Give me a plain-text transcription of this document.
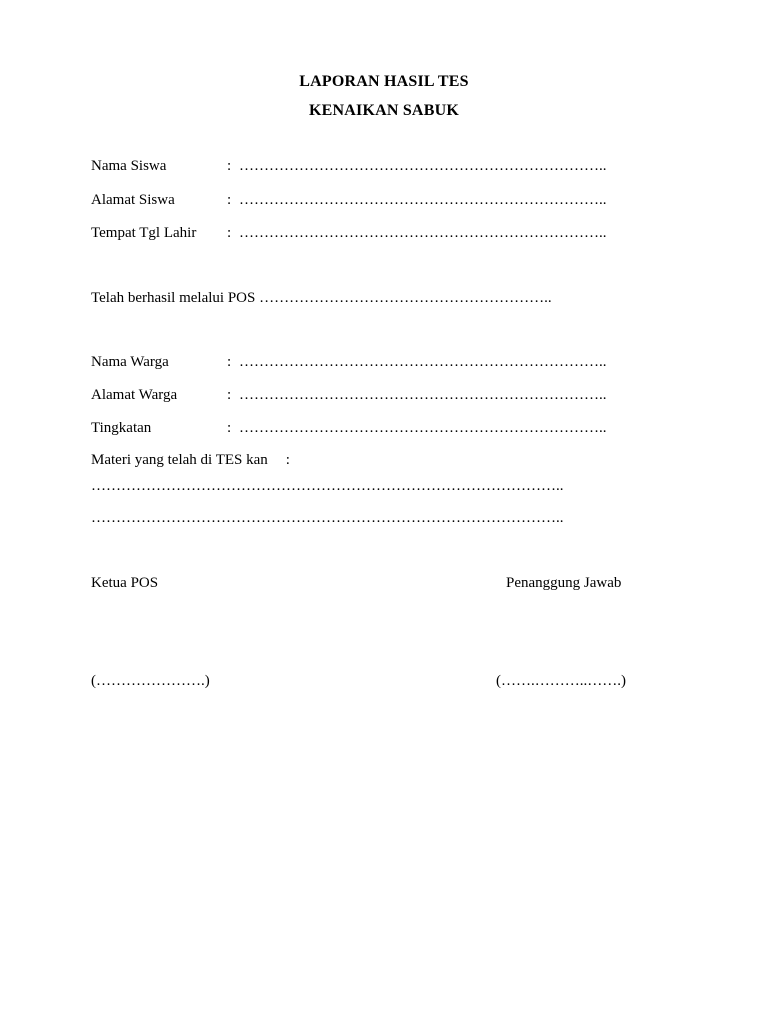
LAPORAN HASIL TES
KENAIKAN SABUK
Nama Siswa	: ………………………………………………………………..
Alamat Siswa	: ………………………………………………………………..
Tempat Tgl Lahir : ………………………………………………………………..
Telah berhasil melalui POS …………………………………………………..
Nama Warga	: ………………………………………………………………..
Alamat Warga	: ………………………………………………………………..
Tingkatan	: ………………………………………………………………..
Materi yang telah di TES kan :
…………………………………………………………………………………..
…………………………………………………………………………………..
Ketua POS	Penanggung Jawab
(………………….)	(…….………..…….)
